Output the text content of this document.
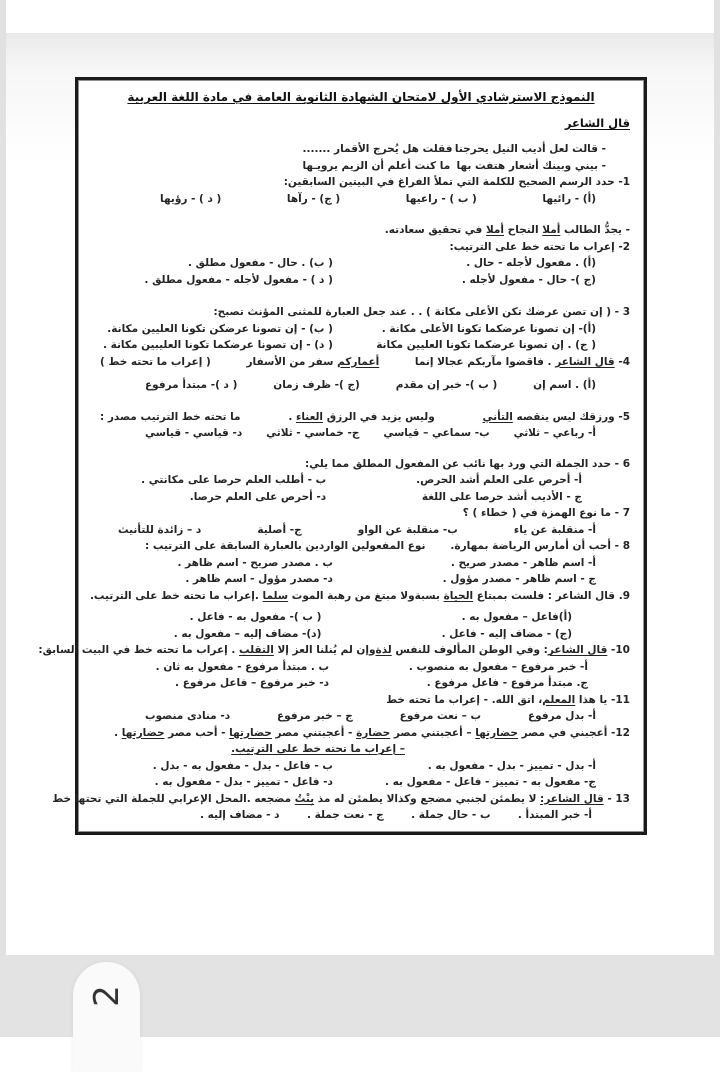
النموذج الاسترشادي الأول لامتحان الشهادة الثانوية العامة في مادة اللغة العربية
قال الشاعر
- قالت لعل أديب النيل يحرجنا
فقلت هل يُحرج الأقمار .......
- بيني وبينك أشعار هتفت بها
ما كنت أعلم أن الزيم يرويـها
1- حدد الرسم الصحيح للكلمة التي تملأ الفراغ في البيتين السابقين:
(أ) - رائيها
( ب ) - راعيها
( ج) - رآها
( د ) - رؤيها
- يجدُّ الطالب أملا النجاح أملا في تحقيق سعادته.
2- إعراب ما تحته خط على الترتيب:
(أ) . مفعول لأجله - حال .
( ب) . حال - مفعول مطلق .
(ج )- حال - مفعول لأجله .
( د ) - مفعول لأجله - مفعول مطلق .
3 - ( إن تصن عرضك تكن الأعلى مكانة ) . . عند جعل العبارة للمثنى المؤنث تصبح:
(أ)- إن تصونا عرضكما تكونا الأعلى مكانة .
( ب) - إن تصونا عرضكن تكونا العليين مكانة.
( ج) . إن تصونا عرضكما تكونا العليين مكانة
( د) - إن تصونا عرضكما تكونا العليبين مكانة .
4- قال الشاعر . فاقضوا مآربكم عجالا إنما
أعماركم سفر من الأسفار
( إعراب ما تحته خط )
(أ) . اسم إن
( ب )- خبر إن مقدم
(ج )- ظرف زمان
( د )- مبتدأ مرفوع
5- ورزقك ليس ينقصه التأني
وليس يزيد في الرزق العناء .
ما تحته خط الترتيب مصدر :
أ- رباعي – ثلاثي
ب- سماعي – قياسي
ج- خماسي - ثلاثي
د- قياسي - قياسي
6 - حدد الجملة التي ورد بها نائب عن المفعول المطلق مما يلي:
أ- أحرص على العلم أشد الحرص.
ب - أطلب العلم حرصا على مكانتي .
ج - الأديب أشد حرصا على اللغة
د- أحرص على العلم حرصا.
7 - ما نوع الهمزة في ( خطاء ) ؟
أ- منقلبة عن ياء
ب- منقلبة عن الواو
ج- أصلية
د – زائدة للتأنيث
8 - أحب أن أمارس الرياضة بمهارة.
نوع المفعولين الواردين بالعبارة السابقة على الترتيب :
أ- اسم ظاهر - مصدر صريح .
ب . مصدر صريح - اسم ظاهر .
ج - اسم ظاهر - مصدر مؤول .
د- مصدر مؤول - اسم ظاهر .
9. قال الشاعر : فلست بمبتاع الحياة بسبة
ولا مبتغ من رهبة الموت سلما .
إعراب ما تحته خط على الترتيب.
(أ)فاعل – مفعول به .
( ب )- مفعول به - فاعل .
(ج) - مضاف إليه - فاعل .
(د)- مضاف إليه – مفعول به .
10- قال الشاعر: وفي الوطن المألوف للنفس لذة
وإن لم يُنلنا العز إلا التقلب . إعراب ما تحته خط في البيت السابق:
أ- خبر مرفوع – مفعول به منصوب .
ب . مبتدأ مرفوع - مفعول به ثان .
ج. مبتدأ مرفوع - فاعل مرفوع .
د- خبر مرفوع – فاعل مرفوع .
11- يا هذا المعلم، اتق الله. - إعراب ما تحته خط
أ- بدل مرفوع
ب – نعت مرفوع
ج – خبر مرفوع
د- منادى منصوب
12- أعجبني في مصر حضارتها – أعجبتني مصر حضارة - أعجبتني مصر حضارتها - أحب مصر حضارتها .
– إعراب ما تحته خط على الترتيب.
أ- بدل - تمييز - بدل - مفعول به .
ب - فاعل - بدل - مفعول به - بدل .
ج- مفعول به - تمييز - فاعل - مفعول به .
د- فاعل - تمييز - بدل - مفعول به .
13 - قال الشاعر: لا يطمئن لجنبي مضجع وكذا
لا يطمئن له مذ بِنْتُ مضجعه .
المحل الإعرابي للجملة التي تحتها خط
أ- خبر المبتدأ .
ب - حال جملة .
ج - نعت جملة .
د - مضاف إليه .
2
